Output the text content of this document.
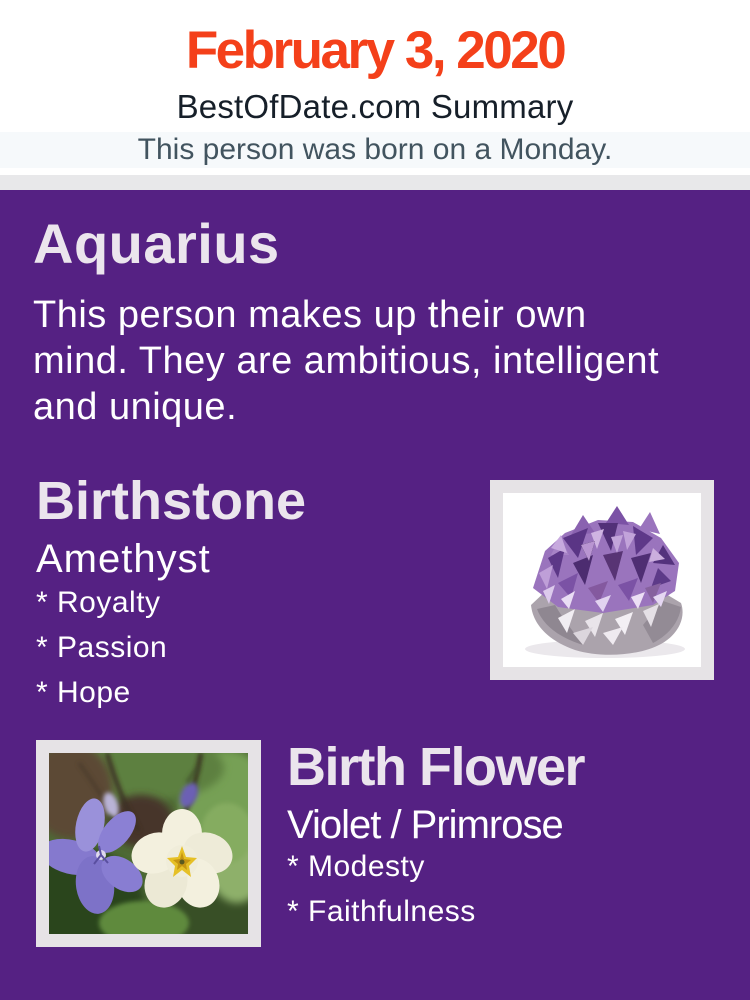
February 3, 2020
BestOfDate.com Summary
This person was born on a Monday.
Aquarius

This person makes up their own mind. They are ambitious, intelligent and unique.

Birthstone
Amethyst
* Royalty
* Passion
* Hope
Birth Flower
Violet / Primrose
* Modesty
* Faithfulness
